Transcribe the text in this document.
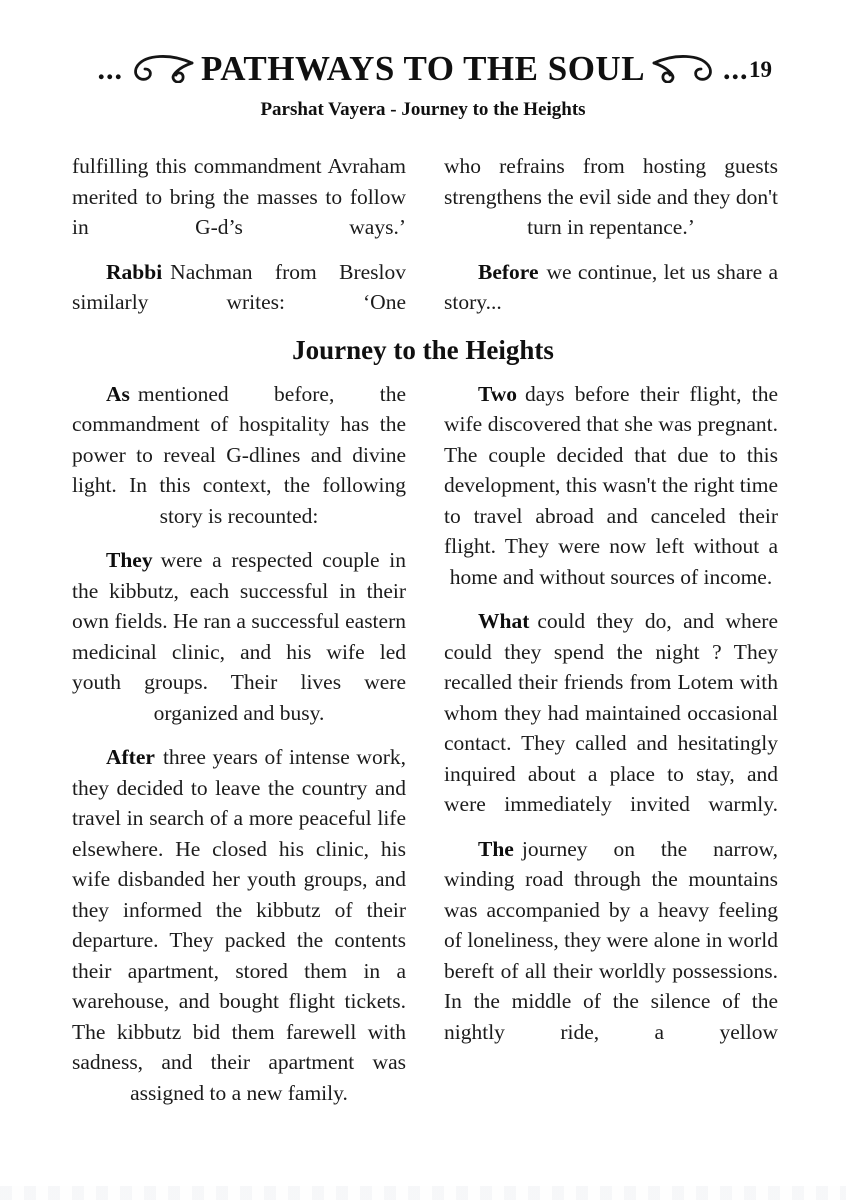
... PATHWAYS TO THE SOUL	... 19
Parshat Vayera - Journey to the Heights

fulfilling this commandment Avraham merited to bring the masses to follow in G-d’s ways.’

Rabbi Nachman from Breslov similarly writes: ‘One

who refrains from hosting guests strengthens the evil side and they don't turn in repentance.’

Before we continue, let us share a story...

Journey to the Heights

As mentioned before, the commandment of hospitality has the power to reveal G-dlines and divine light. In this context, the following story is recounted:

They were a respected couple in the kibbutz, each successful in their own fields. He ran a successful eastern medicinal clinic, and his wife led youth groups. Their lives were organized and busy.

After three years of intense work, they decided to leave the country and travel in search of a more peaceful life elsewhere. He closed his clinic, his wife disbanded her youth groups, and they informed the kibbutz of their departure. They packed the contents their apartment, stored them in a warehouse, and bought flight tickets. The kibbutz bid them farewell with sadness, and their apartment was assigned to a new family.

Two days before their flight, the wife discovered that she was pregnant. The couple decided that due to this development, this wasn't the right time to travel abroad and canceled their flight. They were now left without a home and without sources of income.

What could they do, and where could they spend the night ? They recalled their friends from Lotem with whom they had maintained occasional contact. They called and hesitatingly inquired about a place to stay, and were immediately invited warmly.

The journey on the narrow, winding road through the mountains was accompanied by a heavy feeling of loneliness, they were alone in world bereft of all their worldly possessions. In the middle of the silence of the nightly ride, a yellow
